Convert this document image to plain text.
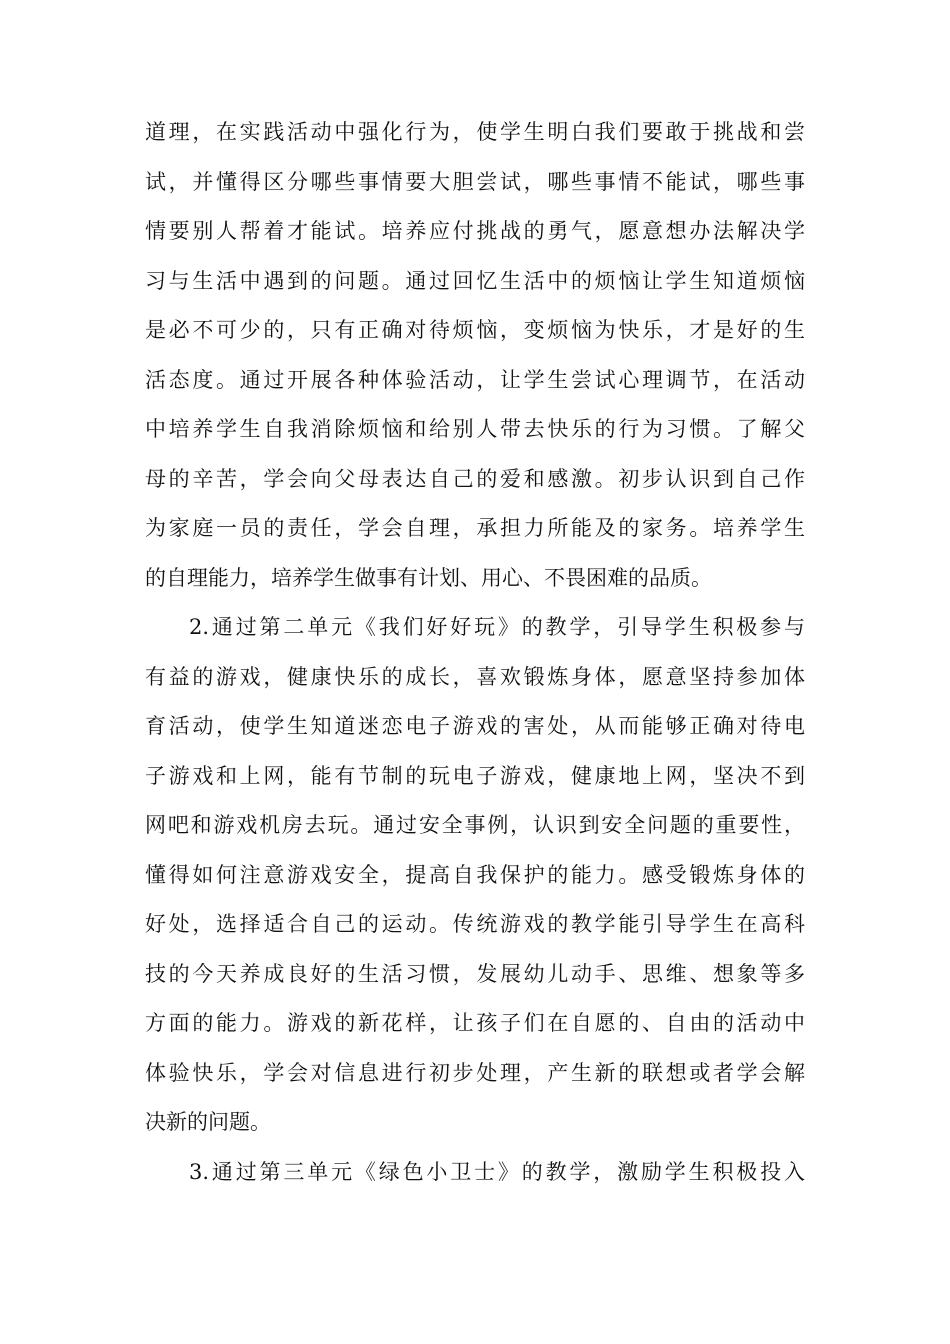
道理，在实践活动中强化行为，使学生明白我们要敢于挑战和尝
试，并懂得区分哪些事情要大胆尝试，哪些事情不能试，哪些事
情要别人帮着才能试。培养应付挑战的勇气，愿意想办法解决学
习与生活中遇到的问题。通过回忆生活中的烦恼让学生知道烦恼
是必不可少的，只有正确对待烦恼，变烦恼为快乐，才是好的生
活态度。通过开展各种体验活动，让学生尝试心理调节，在活动
中培养学生自我消除烦恼和给别人带去快乐的行为习惯。了解父
母的辛苦，学会向父母表达自己的爱和感激。初步认识到自己作
为家庭一员的责任，学会自理，承担力所能及的家务。培养学生
的自理能力，培养学生做事有计划、用心、不畏困难的品质。
2.通过第二单元《我们好好玩》的教学，引导学生积极参与
有益的游戏，健康快乐的成长，喜欢锻炼身体，愿意坚持参加体
育活动，使学生知道迷恋电子游戏的害处，从而能够正确对待电
子游戏和上网，能有节制的玩电子游戏，健康地上网，坚决不到
网吧和游戏机房去玩。通过安全事例，认识到安全问题的重要性，
懂得如何注意游戏安全，提高自我保护的能力。感受锻炼身体的
好处，选择适合自己的运动。传统游戏的教学能引导学生在高科
技的今天养成良好的生活习惯，发展幼儿动手、思维、想象等多
方面的能力。游戏的新花样，让孩子们在自愿的、自由的活动中
体验快乐，学会对信息进行初步处理，产生新的联想或者学会解
决新的问题。
3.通过第三单元《绿色小卫士》的教学，激励学生积极投入
